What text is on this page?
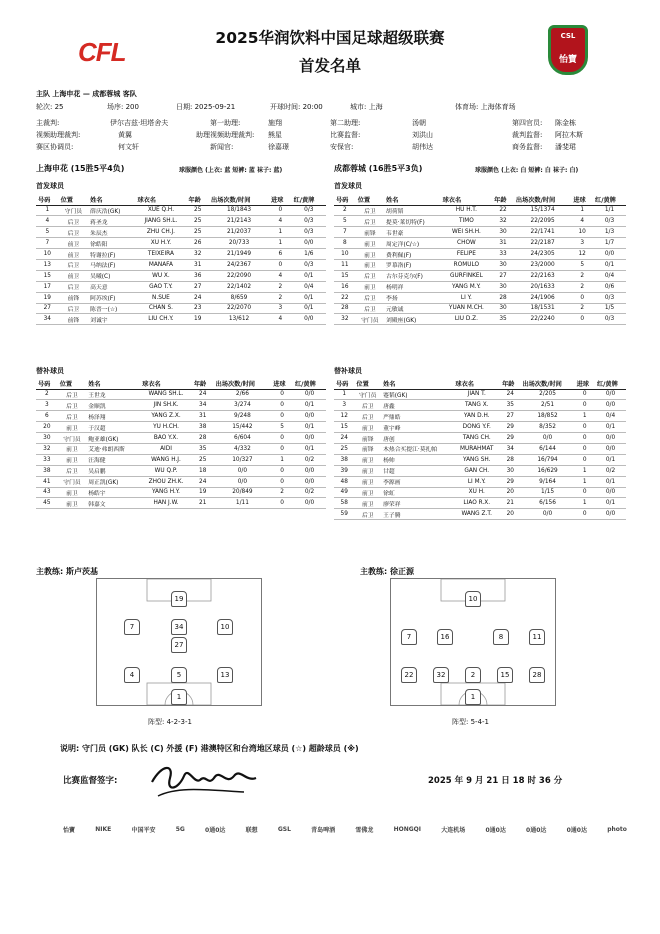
CFL	2025华润饮料中国足球超级联赛
首发名单
CSL
怡寶
主队 上海申花 — 成都蓉城 客队
轮次: 25	场序: 200	日期: 2025-09-21	开球时间: 20:00	城市: 上海	体育场: 上海体育场
主裁判:	伊尔吉兹·坦塔舍夫	第一助理:	施翔	第二助理:	汤朝	第四官员: 陈金栋
视频助理裁判:	黄翼	助理视频助理裁判: 熊星	比赛监督:	刘洪山	裁判监督: 阿拉木斯
赛区协调员:	何文轩	新闻官:	徐嘉璟	安保官:	胡伟达	商务监督: 潘斐珺
上海申花 (15胜5平4负)	球服颜色 (上衣: 蓝 短裤: 蓝 袜子: 蓝)	成都蓉城 (16胜5平3负)	球服颜色 (上衣: 白 短裤: 白 袜子: 白)
首发球员	首发球员
替补球员	替补球员
号码	位置	姓名	球衣名	年龄	出场次数/时间	进球	红/黄牌
1	守门员	薛庆浩(GK)	XUE Q.H.	25	18/1843	0	0/3
4	后卫	蒋圣龙	JIANG SH.L.	25	21/2143	4	0/3
5	后卫	朱辰杰	ZHU CH.J.	25	21/2037	1	0/3
7	前卫	徐皓阳	XU H.Y.	26	20/733	1	0/0
10	前卫	特谢拉(F)	TEIXEIRA	32	21/1949	6	1/6
13	后卫	马纳法(F)	MANAFA	31	24/2367	0	0/3
15	前卫	吴曦(C)	WU X.	36	22/2090	4	0/1
17	后卫	高天意	GAO T.Y.	27	22/1402	2	0/4
19	前锋	阿苏埃(F)	N.SUE	24	8/659	2	0/1
27	后卫	陈晋一(☆)	CHAN S.	23	22/2070	3	0/1
34	前锋	刘诚宇	LIU CH.Y.	19	13/612	4	0/0
号码	位置	姓名	球衣名	年龄	出场次数/时间	进球	红/黄牌
2	后卫	胡荷韬	HU H.T.	22	15/1374	1	1/1
5	后卫	提莫·莱切特(F)	TIMO	32	22/2095	4	0/3
7	前锋	韦世豪	WEI SH.H.	30	22/1741	10	1/3
8	前卫	周定洋(C/☆)	CHOW	31	22/2187	3	1/7
10	前卫	费利佩(F)	FELIPE	33	24/2305	12	0/0
11	前卫	罗慕洛(F)	ROMULO	30	23/2000	5	0/1
15	后卫	古尔芬克尔(F)	GURFINKEL	27	22/2163	2	0/4
16	前卫	杨明祥	YANG M.Y.	30	20/1633	2	0/6
22	后卫	李扬	LI Y.	28	24/1906	0	0/3
28	后卫	元敏诚	YUAN M.CH.	30	18/1531	2	1/5
32	守门员	刘殿座(GK)	LIU D.Z.	35	22/2240	0	0/3
号码	位置	姓名	球衣名	年龄	出场次数/时间	进球	红/黄牌
2	后卫	王世龙	WANG SH.L.	24	2/66	0	0/0
3	后卫	金顺凯	JIN SH.K.	34	3/274	0	0/1
6	后卫	杨泽翔	YANG Z.X.	31	9/248	0	0/0
20	前卫	于汉超	YU H.CH.	38	15/442	5	0/1
30	守门员	鲍亚雄(GK)	BAO Y.X.	28	6/604	0	0/0
32	前卫	艾迪·弗朗西斯	AIDI	35	4/332	0	0/1
33	前卫	汪海健	WANG H.J.	25	10/327	1	0/2
38	后卫	吴启鹏	WU Q.P.	18	0/0	0	0/0
41	守门员	周正凯(GK)	ZHOU ZH.K.	24	0/0	0	0/0
43	前卫	杨皓宇	YANG H.Y.	19	20/849	2	0/2
45	前卫	韩嘉文	HAN J.W.	21	1/11	0	0/0
号码	位置	姓名	球衣名	年龄	出场次数/时间	进球	红/黄牌
1	守门员	蹇韬(GK)	JIAN T.	24	2/205	0	0/0
3	后卫	唐鑫	TANG X.	35	2/51	0	0/0
12	后卫	严鼎皓	YAN D.H.	27	18/852	1	0/4
15	前卫	董宇峰	DONG Y.F.	29	8/352	0	0/1
24	前锋	唐创	TANG CH.	29	0/0	0	0/0
25	前锋	木热合买提江·莫扎帕	MURAHMAT	34	6/144	0	0/0
38	前卫	杨帅	YANG SH.	28	16/794	0	0/1
39	前卫	甘超	GAN CH.	30	16/629	1	0/2
48	前卫	李源画	LI M.Y.	29	9/164	1	0/1
49	前卫	徐虹	XU H.	20	1/15	0	0/0
58	前卫	廖荣祥	LIAO R.X.	21	6/156	1	0/1
59	后卫	王子腾	WANG Z.T.	20	0/0	0	0/0
主教练: 斯卢茨基	主教练: 徐正源
19
7	34	10
27
4	5	13
1
10
7	16	8	11
22	32	2	15	28
1
阵型: 4-2-3-1	阵型: 5-4-1
说明: 守门员 (GK) 队长 (C) 外援 (F) 港澳特区和台湾地区球员 (☆) 超龄球员 (※)
比赛监督签字:	2025 年 9 月 21 日 18 时 36 分
怡寶	NIKE	中国平安	5G	0通0达	联想	GSL	青岛啤酒	雪佛龙	HONGQI	大连机场	0通0达	0通0达	0通0达	photo
